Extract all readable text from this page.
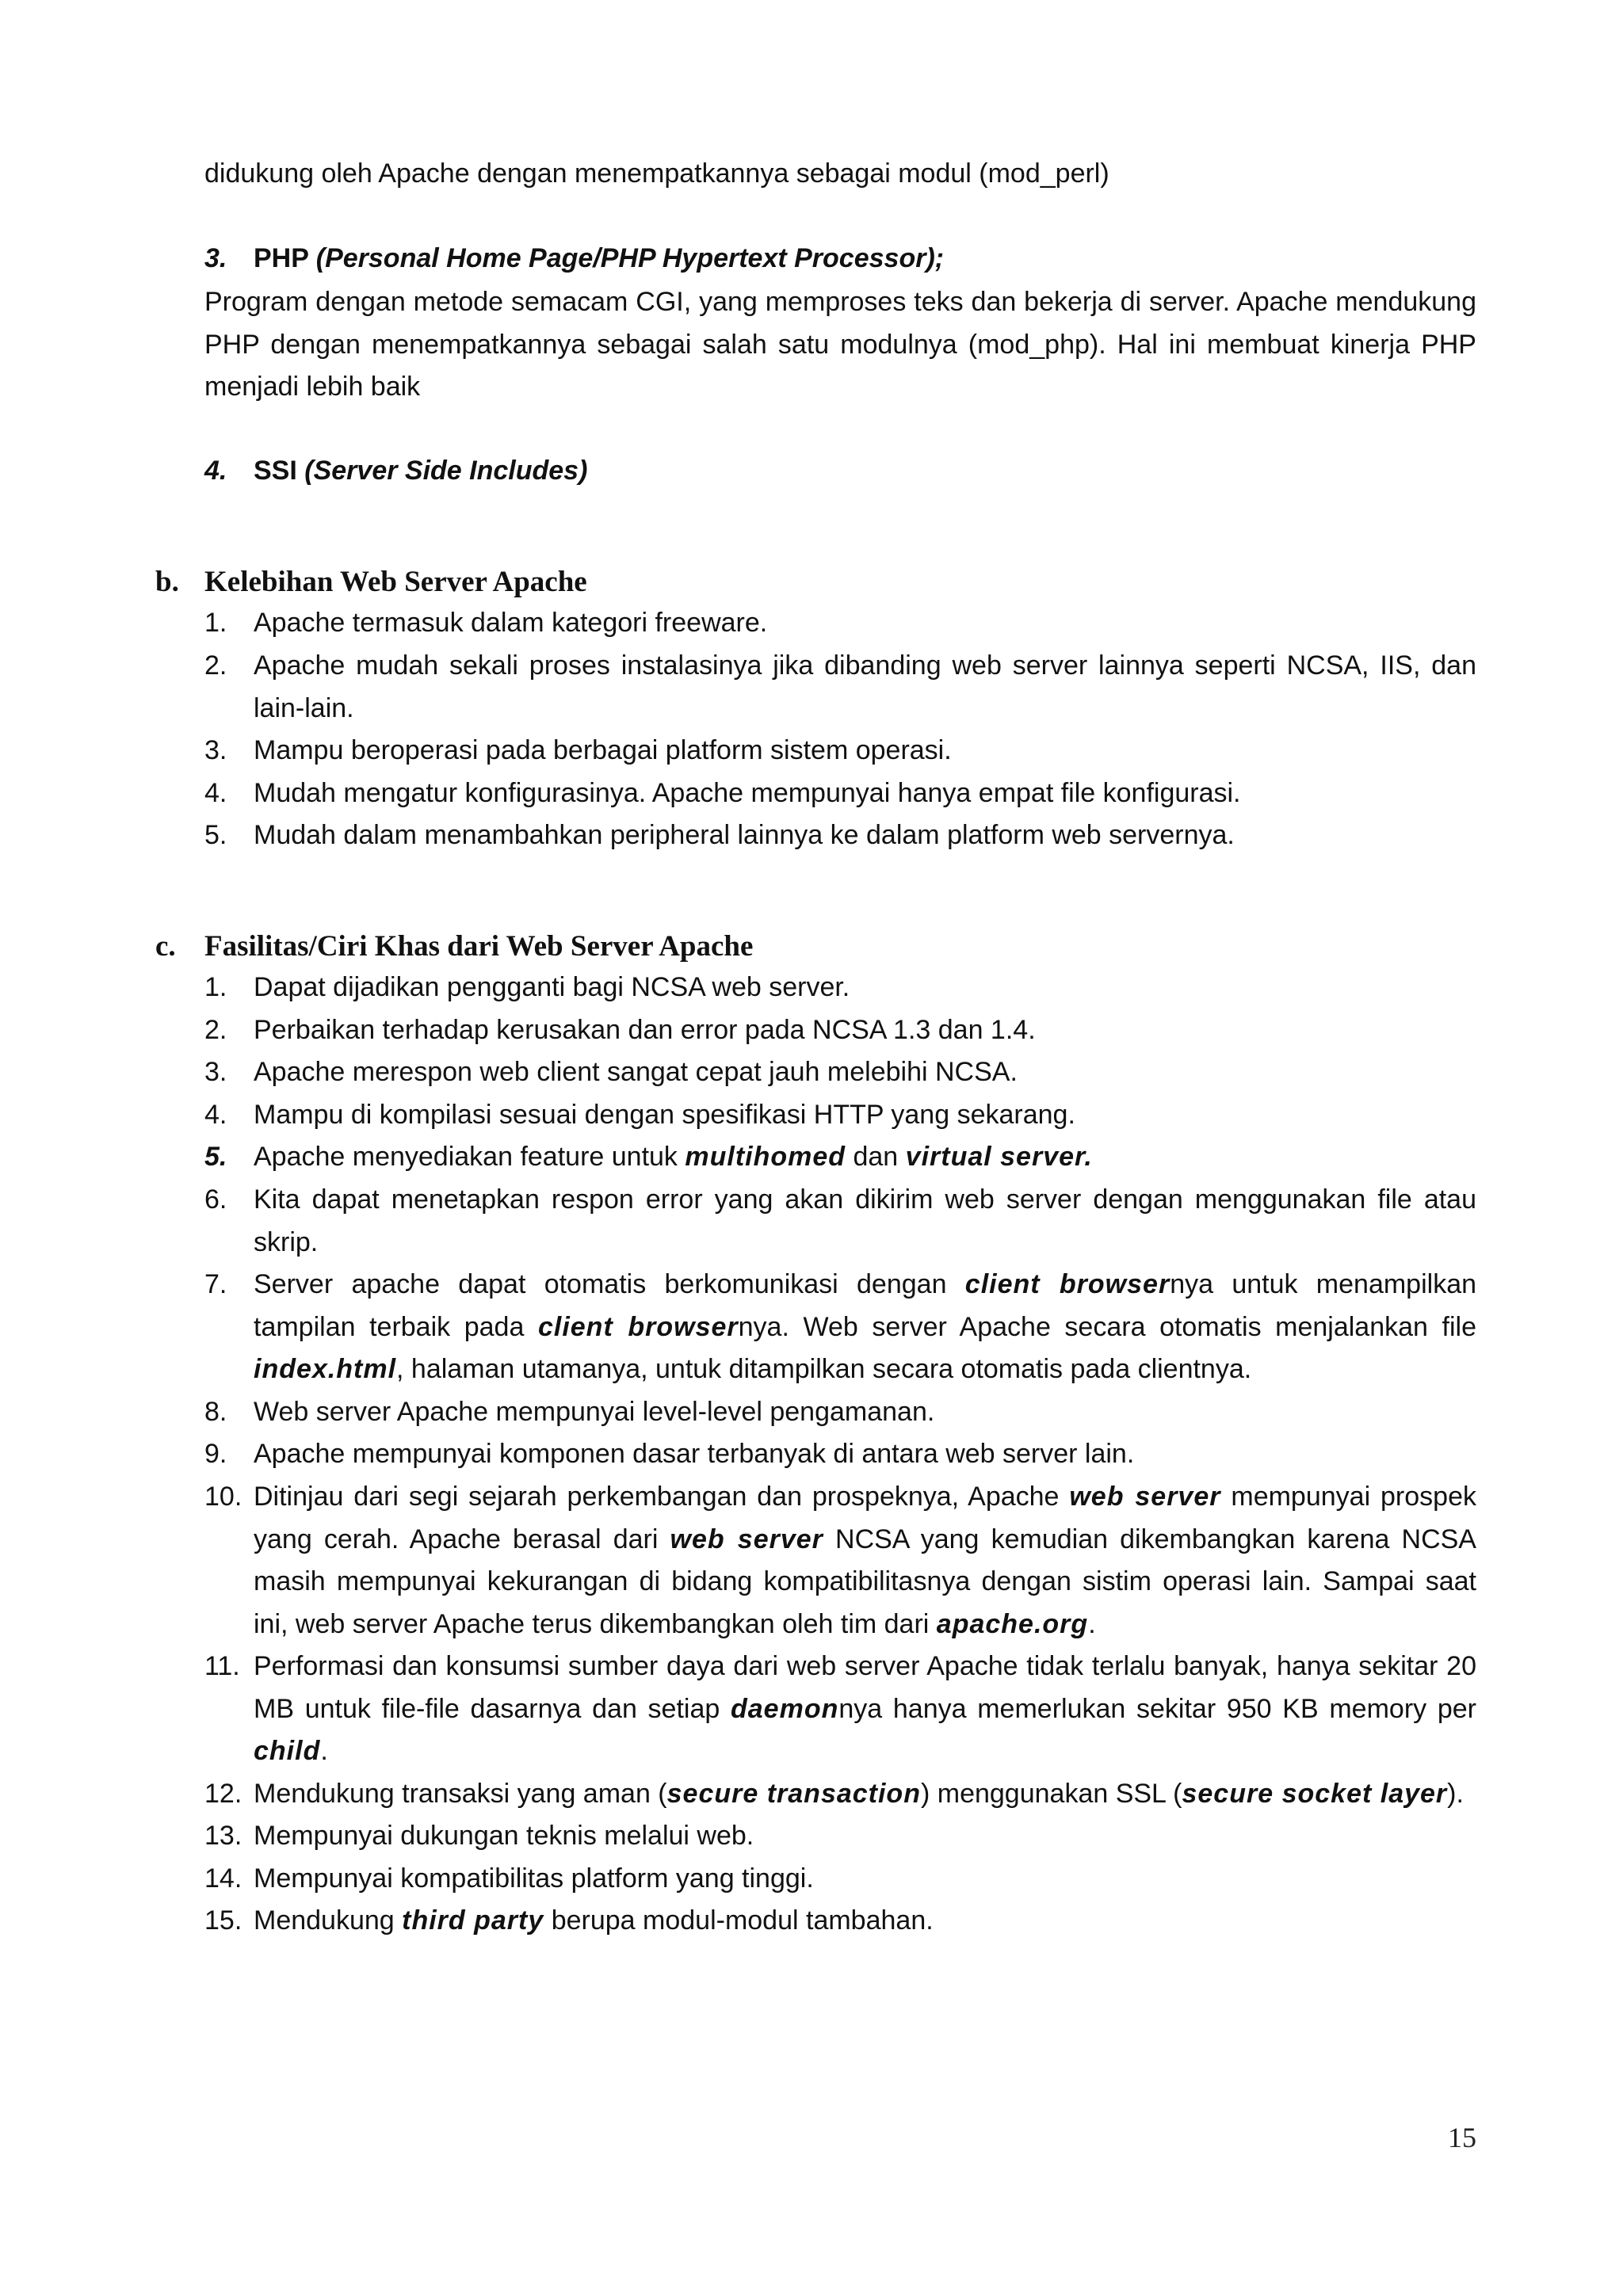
didukung oleh Apache dengan menempatkannya sebagai modul (mod_perl)
3. PHP (Personal Home Page/PHP Hypertext Processor);
Program dengan metode semacam CGI, yang memproses teks dan bekerja di server. Apache mendukung PHP dengan menempatkannya sebagai salah satu modulnya (mod_php). Hal ini membuat kinerja PHP menjadi lebih baik
4. SSI (Server Side Includes)
b. Kelebihan Web Server Apache
1. Apache termasuk dalam kategori freeware.
2. Apache mudah sekali proses instalasinya jika dibanding web server lainnya seperti NCSA, IIS, dan lain-lain.
3. Mampu beroperasi pada berbagai platform sistem operasi.
4. Mudah mengatur konfigurasinya. Apache mempunyai hanya empat file konfigurasi.
5. Mudah dalam menambahkan peripheral lainnya ke dalam platform web servernya.
c. Fasilitas/Ciri Khas dari Web Server Apache
1. Dapat dijadikan pengganti bagi NCSA web server.
2. Perbaikan terhadap kerusakan dan error pada NCSA 1.3 dan 1.4.
3. Apache merespon web client sangat cepat jauh melebihi NCSA.
4. Mampu di kompilasi sesuai dengan spesifikasi HTTP yang sekarang.
5. Apache menyediakan feature untuk multihomed dan virtual server.
6. Kita dapat menetapkan respon error yang akan dikirim web server dengan menggunakan file atau skrip.
7. Server apache dapat otomatis berkomunikasi dengan client browsernya untuk menampilkan tampilan terbaik pada client browsernya. Web server Apache secara otomatis menjalankan file index.html, halaman utamanya, untuk ditampilkan secara otomatis pada clientnya.
8. Web server Apache mempunyai level-level pengamanan.
9. Apache mempunyai komponen dasar terbanyak di antara web server lain.
10. Ditinjau dari segi sejarah perkembangan dan prospeknya, Apache web server mempunyai prospek yang cerah. Apache berasal dari web server NCSA yang kemudian dikembangkan karena NCSA masih mempunyai kekurangan di bidang kompatibilitasnya dengan sistim operasi lain. Sampai saat ini, web server Apache terus dikembangkan oleh tim dari apache.org.
11. Performasi dan konsumsi sumber daya dari web server Apache tidak terlalu banyak, hanya sekitar 20 MB untuk file-file dasarnya dan setiap daemonnya hanya memerlukan sekitar 950 KB memory per child.
12. Mendukung transaksi yang aman (secure transaction) menggunakan SSL (secure socket layer).
13. Mempunyai dukungan teknis melalui web.
14. Mempunyai kompatibilitas platform yang tinggi.
15. Mendukung third party berupa modul-modul tambahan.
15
